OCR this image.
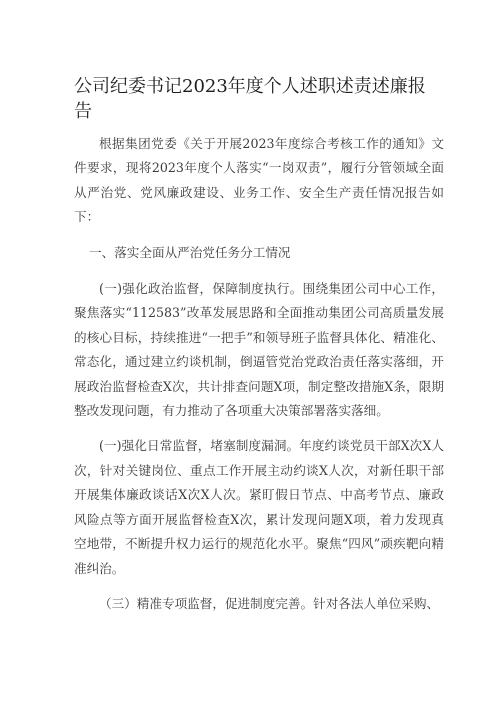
公司纪委书记2023年度个人述职述责述廉报告

根据集团党委《关于开展2023年度综合考核工作的通知》文件要求，现将2023年度个人落实“一岗双责”，履行分管领域全面从严治党、党风廉政建设、业务工作、安全生产责任情况报告如下：

一、落实全面从严治党任务分工情况

(一)强化政治监督，保障制度执行。围绕集团公司中心工作，聚焦落实“112583”改革发展思路和全面推动集团公司高质量发展的核心目标，持续推进“一把手”和领导班子监督具体化、精准化、常态化，通过建立约谈机制，倒逼管党治党政治责任落实落细，开展政治监督检查X次，共计排查问题X项，制定整改措施X条，限期整改发现问题，有力推动了各项重大决策部署落实落细。

(一)强化日常监督，堵塞制度漏洞。年度约谈党员干部X次X人次，针对关键岗位、重点工作开展主动约谈X人次，对新任职干部开展集体廉政谈话X次X人次。紧盯假日节点、中高考节点、廉政风险点等方面开展监督检查X次，累计发现问题X项，着力发现真空地带，不断提升权力运行的规范化水平。聚焦“四风”顽疾靶向精准纠治。

（三）精准专项监督，促进制度完善。针对各法人单位采购、
